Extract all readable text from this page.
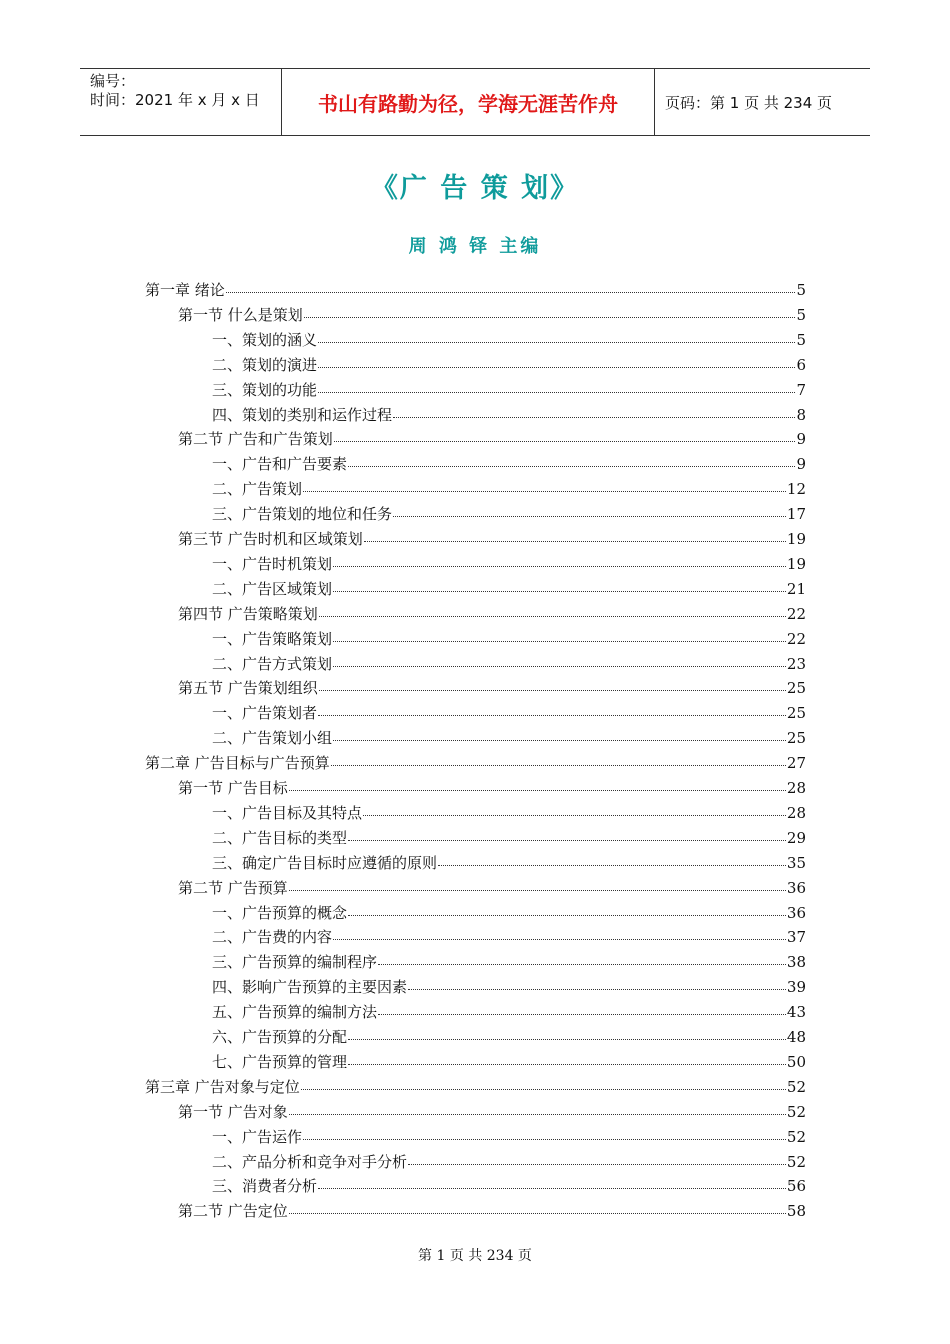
编号：
时间：2021 年 x 月 x 日	书山有路勤为径，学海无涯苦作舟	页码：第 1 页 共 234 页
《广 告 策 划》
周 鸿 铎 主编
第一章 绪论	5
第一节 什么是策划	5
一、策划的涵义	5
二、策划的演进	6
三、策划的功能	7
四、策划的类别和运作过程	8
第二节 广告和广告策划	9
一、广告和广告要素	9
二、广告策划	12
三、广告策划的地位和任务	17
第三节 广告时机和区域策划	19
一、广告时机策划	19
二、广告区域策划	21
第四节 广告策略策划	22
一、广告策略策划	22
二、广告方式策划	23
第五节 广告策划组织	25
一、广告策划者	25
二、广告策划小组	25
第二章 广告目标与广告预算	27
第一节 广告目标	28
一、广告目标及其特点	28
二、广告目标的类型	29
三、确定广告目标时应遵循的原则	35
第二节 广告预算	36
一、广告预算的概念	36
二、广告费的内容	37
三、广告预算的编制程序	38
四、影响广告预算的主要因素	39
五、广告预算的编制方法	43
六、广告预算的分配	48
七、广告预算的管理	50
第三章 广告对象与定位	52
第一节 广告对象	52
一、广告运作	52
二、产品分析和竞争对手分析	52
三、消费者分析	56
第二节 广告定位	58
第 1 页 共 234 页
